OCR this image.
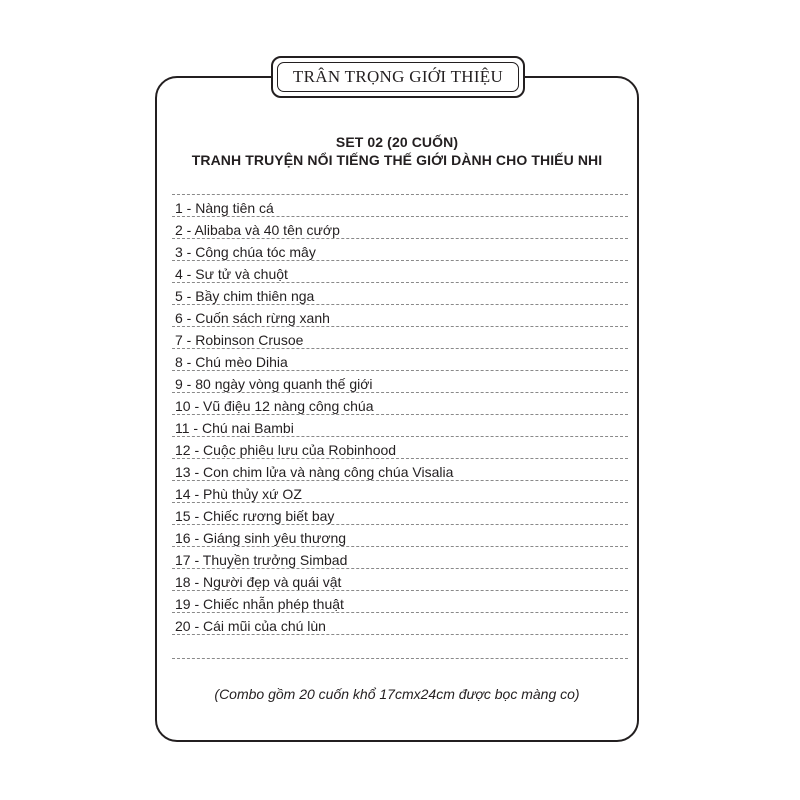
TRÂN TRỌNG GIỚI THIỆU
SET 02 (20 CUỐN)
TRANH TRUYỆN NỔI TIẾNG THẾ GIỚI DÀNH CHO THIẾU NHI
1 - Nàng tiên cá
2 - Alibaba và 40 tên cướp
3 - Công chúa tóc mây
4 - Sư tử và chuột
5 - Bầy chim thiên nga
6 - Cuốn sách rừng xanh
7 - Robinson Crusoe
8 - Chú mèo Dihia
9 - 80 ngày vòng quanh thế giới
10 - Vũ điệu 12 nàng công chúa
11 - Chú nai Bambi
12 - Cuộc phiêu lưu của Robinhood
13 - Con chim lửa và nàng công chúa Visalia
14 - Phù thủy xứ OZ
15 - Chiếc rương biết bay
16 - Giáng sinh yêu thương
17 - Thuyền trưởng Simbad
18 - Người đẹp và quái vật
19 - Chiếc nhẫn phép thuật
20 - Cái mũi của chú lùn
(Combo gồm 20 cuốn khổ 17cmx24cm được bọc màng co)
